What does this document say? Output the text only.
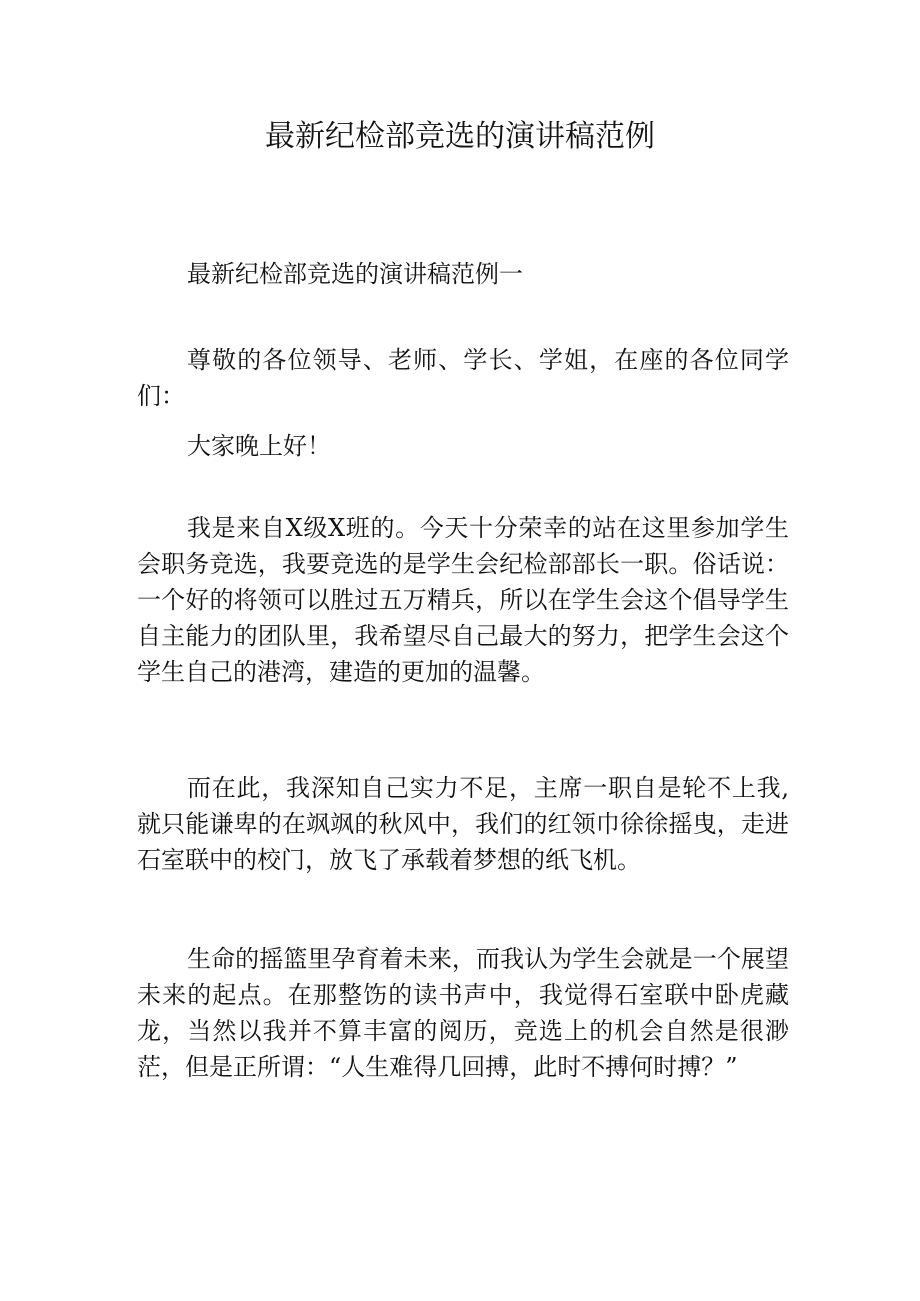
最新纪检部竞选的演讲稿范例

最新纪检部竞选的演讲稿范例一

尊敬的各位领导、老师、学长、学姐，在座的各位同学们：

大家晚上好！

我是来自X级X班的。今天十分荣幸的站在这里参加学生会职务竞选，我要竞选的是学生会纪检部部长一职。俗话说：一个好的将领可以胜过五万精兵，所以在学生会这个倡导学生自主能力的团队里，我希望尽自己最大的努力，把学生会这个学生自己的港湾，建造的更加的温馨。

而在此，我深知自己实力不足，主席一职自是轮不上我,就只能谦卑的在飒飒的秋风中，我们的红领巾徐徐摇曳，走进石室联中的校门，放飞了承载着梦想的纸飞机。

生命的摇篮里孕育着未来，而我认为学生会就是一个展望未来的起点。在那整饬的读书声中，我觉得石室联中卧虎藏龙，当然以我并不算丰富的阅历，竞选上的机会自然是很渺茫，但是正所谓：“人生难得几回搏，此时不搏何时搏？”
